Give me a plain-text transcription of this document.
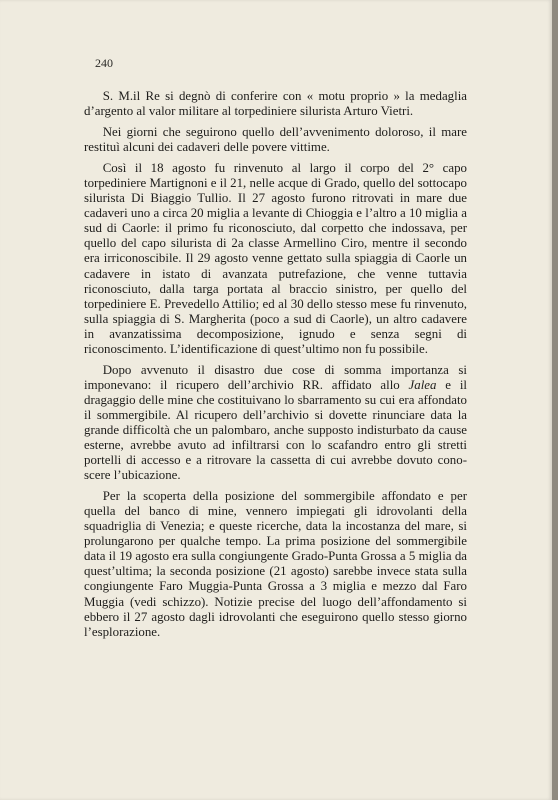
240

S. M.il Re si degnò di conferire con « motu proprio » la medaglia d’argento al valor militare al torpediniere silurista Arturo Vietri.

Nei giorni che seguirono quello dell’avvenimento doloroso, il mare restituì alcuni dei cadaveri delle povere vittime.

Così il 18 agosto fu rinvenuto al largo il corpo del 2° capo torpediniere Martignoni e il 21, nelle acque di Grado, quello del sottocapo silurista Di Biaggio Tullio. Il 27 agosto furono ritrovati in mare due cadaveri uno a circa 20 miglia a levante di Chioggia e l’altro a 10 miglia a sud di Caorle: il primo fu riconosciuto, dal corpetto che indossava, per quello del capo silurista di 2a classe Armellino Ciro, mentre il secondo era irriconoscibile. Il 29 agosto venne gettato sulla spiaggia di Caorle un cadavere in istato di avanzata putrefazione, che venne tuttavia riconosciuto, dalla targa portata al braccio sinistro, per quello del torpediniere E. Prevedello Attilio; ed al 30 dello stesso mese fu rinvenuto, sulla spiaggia di S. Margherita (poco a sud di Caorle), un altro cadavere in avanzatissima decomposizione, ignudo e senza segni di riconoscimento. L’identificazione di quest’ultimo non fu possibile.

Dopo avvenuto il disastro due cose di somma importanza si imponevano: il ricupero dell’archivio RR. affidato allo Jalea e il dragaggio delle mine che costituivano lo sbarramento su cui era affondato il sommergibile. Al ricupero dell’archivio si dovette rinunciare data la grande difficoltà che un palombaro, anche supposto indisturbato da cause esterne, avrebbe avuto ad infiltrarsi con lo scafandro entro gli stretti portelli di accesso e a ritrovare la cassetta di cui avrebbe dovuto conoscere l’ubicazione.

Per la scoperta della posizione del sommergibile affondato e per quella del banco di mine, vennero impiegati gli idrovolanti della squadriglia di Venezia; e queste ricerche, data la incostanza del mare, si prolungarono per qualche tempo. La prima posizione del sommergibile data il 19 agosto era sulla congiungente Grado-Punta Grossa a 5 miglia da quest’ultima; la seconda posizione (21 agosto) sarebbe invece stata sulla congiungente Faro Muggia-Punta Grossa a 3 miglia e mezzo dal Faro Muggia (vedi schizzo). Notizie precise del luogo dell’affondamento si ebbero il 27 agosto dagli idrovolanti che eseguirono quello stesso giorno l’esplorazione.
